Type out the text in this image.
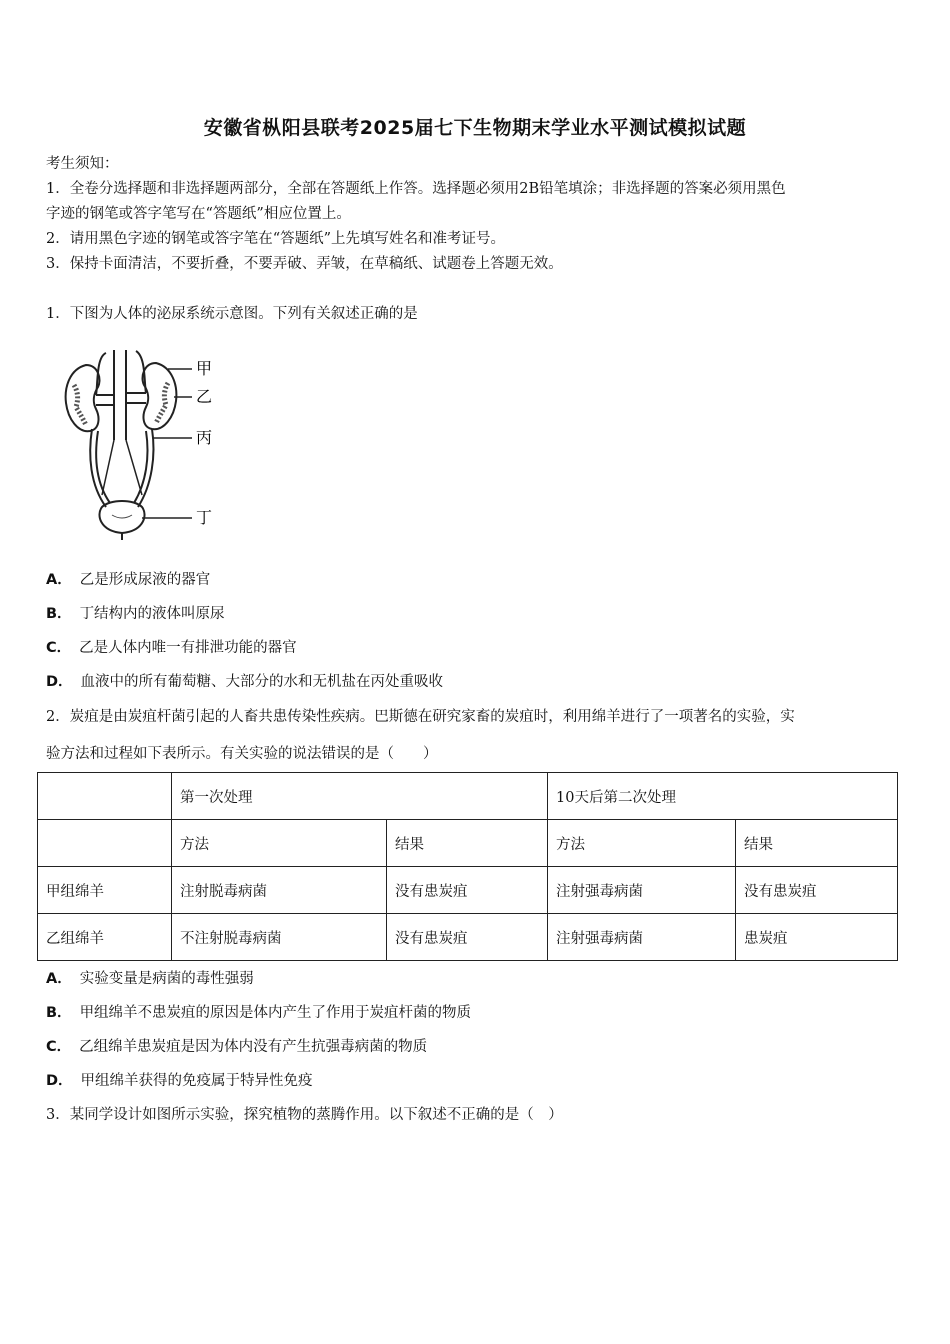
安徽省枞阳县联考2025届七下生物期末学业水平测试模拟试题
考生须知：
1．全卷分选择题和非选择题两部分，全部在答题纸上作答。选择题必须用2B铅笔填涂；非选择题的答案必须用黑色
字迹的钢笔或答字笔写在“答题纸”相应位置上。
2．请用黑色字迹的钢笔或答字笔在“答题纸”上先填写姓名和准考证号。
3．保持卡面清洁，不要折叠，不要弄破、弄皱，在草稿纸、试题卷上答题无效。
1．下图为人体的泌尿系统示意图。下列有关叙述正确的是
甲
乙
丙
丁
A． 乙是形成尿液的器官
B． 丁结构内的液体叫原尿
C． 乙是人体内唯一有排泄功能的器官
D． 血液中的所有葡萄糖、大部分的水和无机盐在丙处重吸收
2．炭疽是由炭疽杆菌引起的人畜共患传染性疾病。巴斯德在研究家畜的炭疽时，利用绵羊进行了一项著名的实验，实
验方法和过程如下表所示。有关实验的说法错误的是（　　）
	第一次处理		10天后第二次处理	
	方法	结果	方法	结果
甲组绵羊	注射脱毒病菌	没有患炭疽	注射强毒病菌	没有患炭疽
乙组绵羊	不注射脱毒病菌	没有患炭疽	注射强毒病菌	患炭疽
A． 实验变量是病菌的毒性强弱
B． 甲组绵羊不患炭疽的原因是体内产生了作用于炭疽杆菌的物质
C． 乙组绵羊患炭疽是因为体内没有产生抗强毒病菌的物质
D． 甲组绵羊获得的免疫属于特异性免疫
3．某同学设计如图所示实验，探究植物的蒸腾作用。以下叙述不正确的是（　）
